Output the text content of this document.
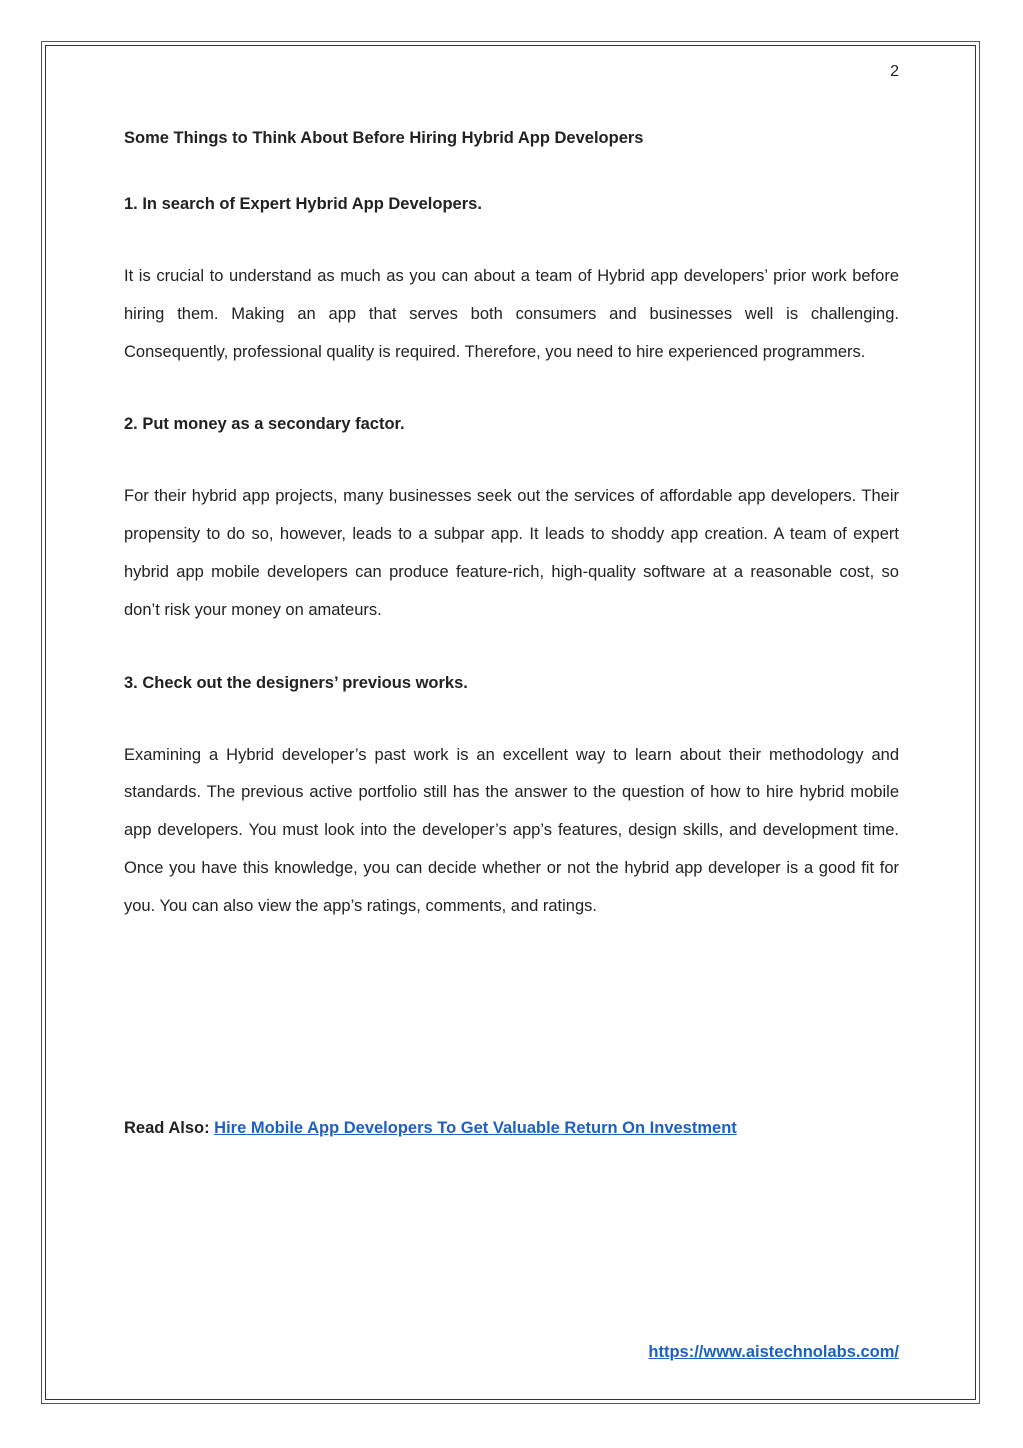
2

Some Things to Think About Before Hiring Hybrid App Developers

1. In search of Expert Hybrid App Developers.

It is crucial to understand as much as you can about a team of Hybrid app developers’ prior work before hiring them. Making an app that serves both consumers and businesses well is challenging. Consequently, professional quality is required. Therefore, you need to hire experienced programmers.

2. Put money as a secondary factor.

For their hybrid app projects, many businesses seek out the services of affordable app developers. Their propensity to do so, however, leads to a subpar app. It leads to shoddy app creation. A team of expert hybrid app mobile developers can produce feature-rich, high-quality software at a reasonable cost, so don’t risk your money on amateurs.

3. Check out the designers’ previous works.

Examining a Hybrid developer’s past work is an excellent way to learn about their methodology and standards. The previous active portfolio still has the answer to the question of how to hire hybrid mobile app developers. You must look into the developer’s app’s features, design skills, and development time. Once you have this knowledge, you can decide whether or not the hybrid app developer is a good fit for you. You can also view the app’s ratings, comments, and ratings.

Read Also: Hire Mobile App Developers To Get Valuable Return On Investment
https://www.aistechnolabs.com/
